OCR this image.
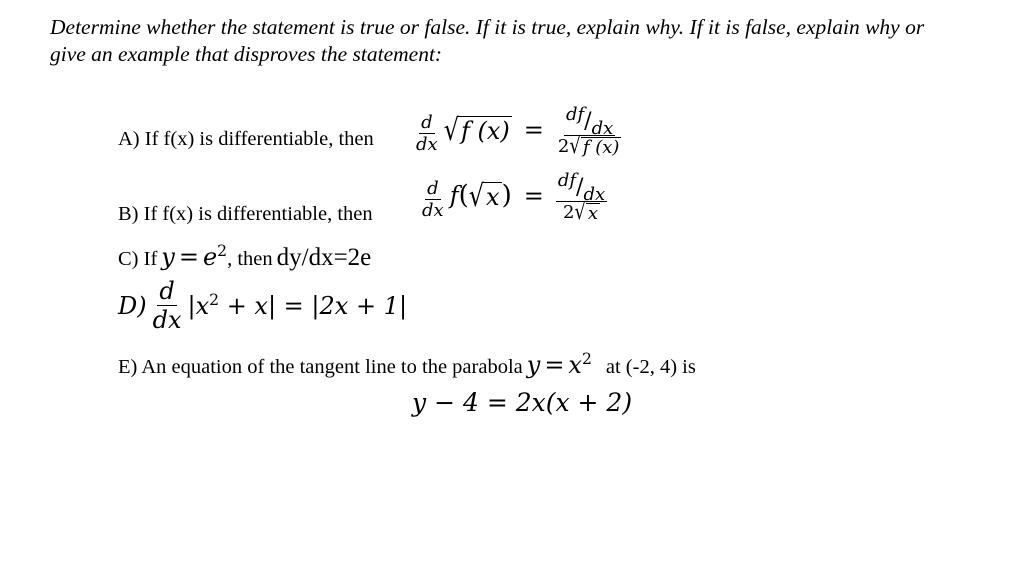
Determine whether the statement is true or false. If it is true, explain why. If it is false, explain why or give an example that disproves the statement:
A) If f(x) is differentiable, then $\frac{d}{dx}$
√ f $(x) = \frac{df/dx}{2 √ f (x)}$
B) If f(x) is differentiable, then	$\frac{d}{dx} f$( √ x ) = $\frac{df/dx}{2 √ x}$
C) If $y = e^2$, then dy/dx=2e
$D) \frac{d}{dx} |x^2 + x| = |2x + 1|$
E) An equation of the tangent line to the parabola $y = x^2$ at (-2, 4) is
y − 4 = 2x(x + 2)
